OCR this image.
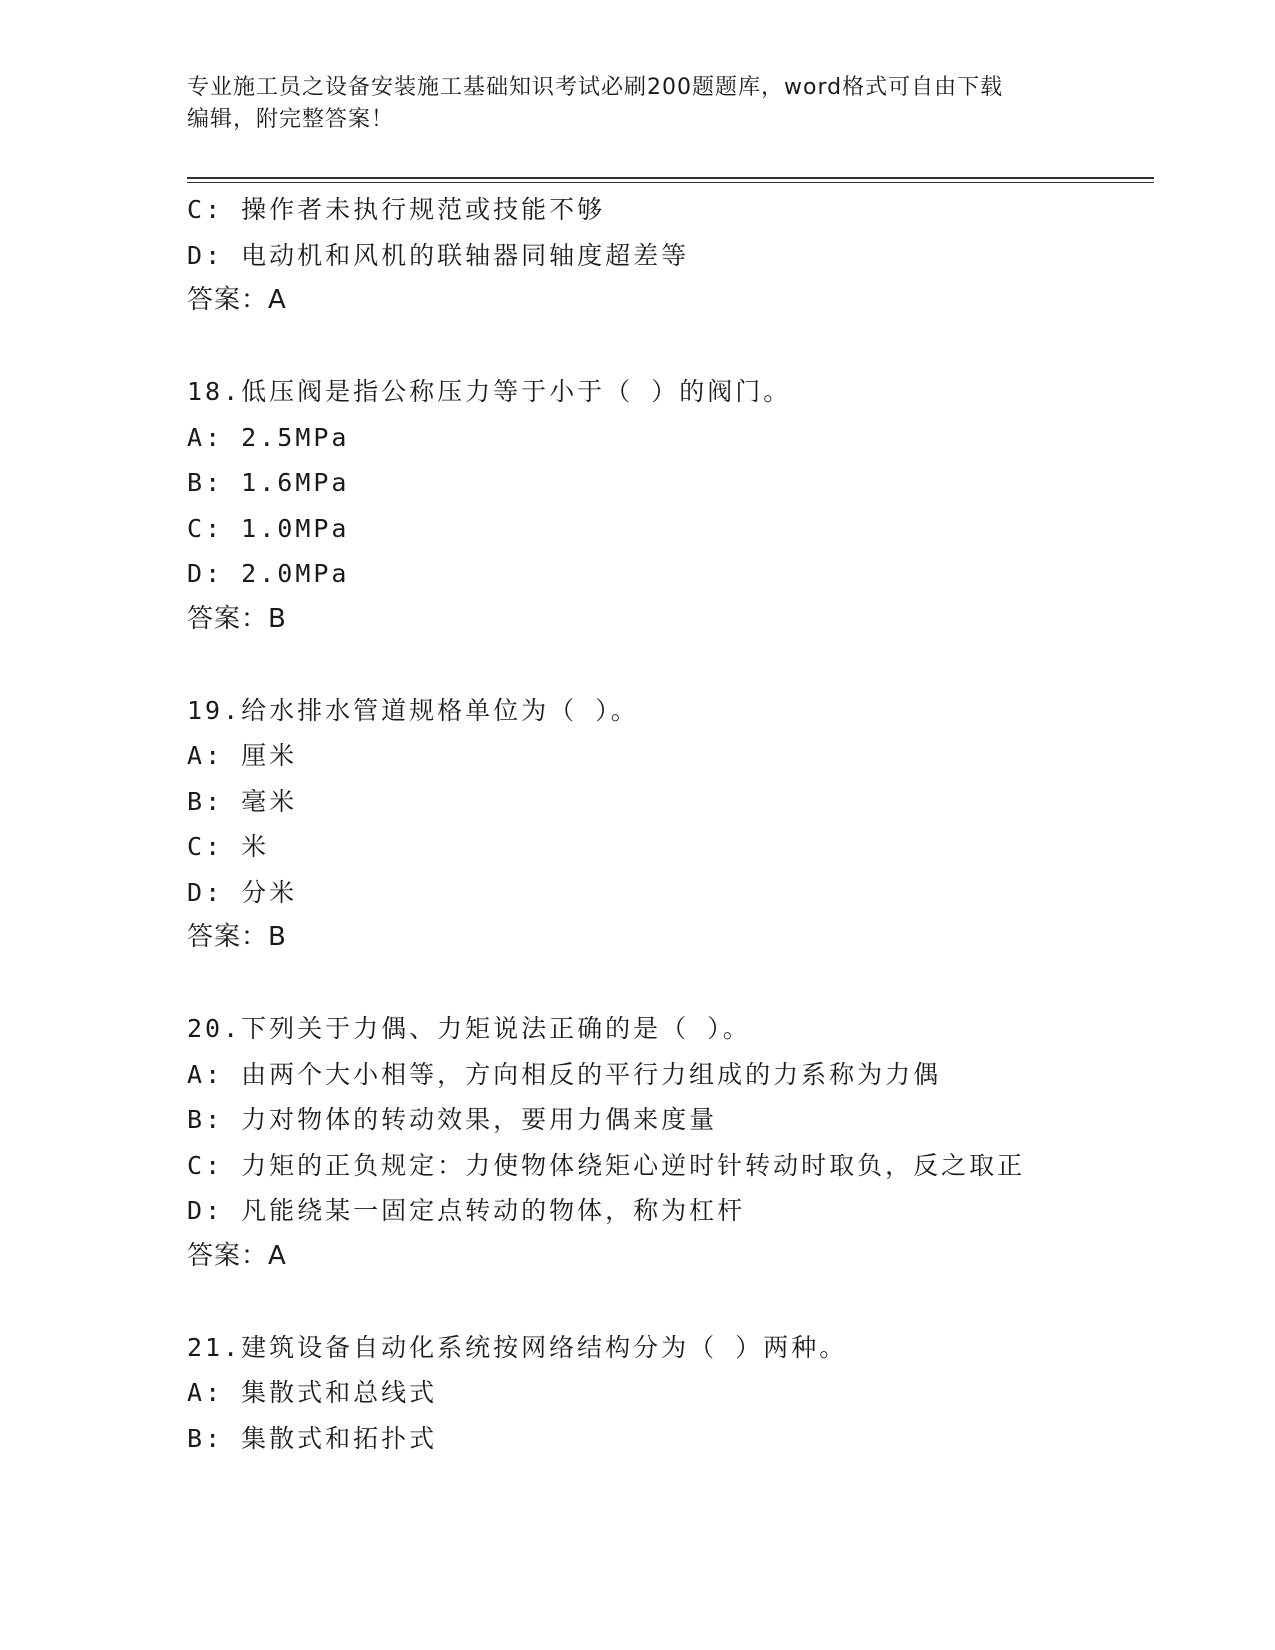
专业施工员之设备安装施工基础知识考试必刷200题题库，word格式可自由下载
编辑，附完整答案！
C: 操作者未执行规范或技能不够
D: 电动机和风机的联轴器同轴度超差等
答案：A
18.低压阀是指公称压力等于小于（ ）的阀门。
A: 2.5MPa
B: 1.6MPa
C: 1.0MPa
D: 2.0MPa
答案：B
19.给水排水管道规格单位为（ ）。
A: 厘米
B: 毫米
C: 米
D: 分米
答案：B
20.下列关于力偶、力矩说法正确的是（ ）。
A: 由两个大小相等，方向相反的平行力组成的力系称为力偶
B: 力对物体的转动效果，要用力偶来度量
C: 力矩的正负规定：力使物体绕矩心逆时针转动时取负，反之取正
D: 凡能绕某一固定点转动的物体，称为杠杆
答案：A
21.建筑设备自动化系统按网络结构分为（ ）两种。
A: 集散式和总线式
B: 集散式和拓扑式
